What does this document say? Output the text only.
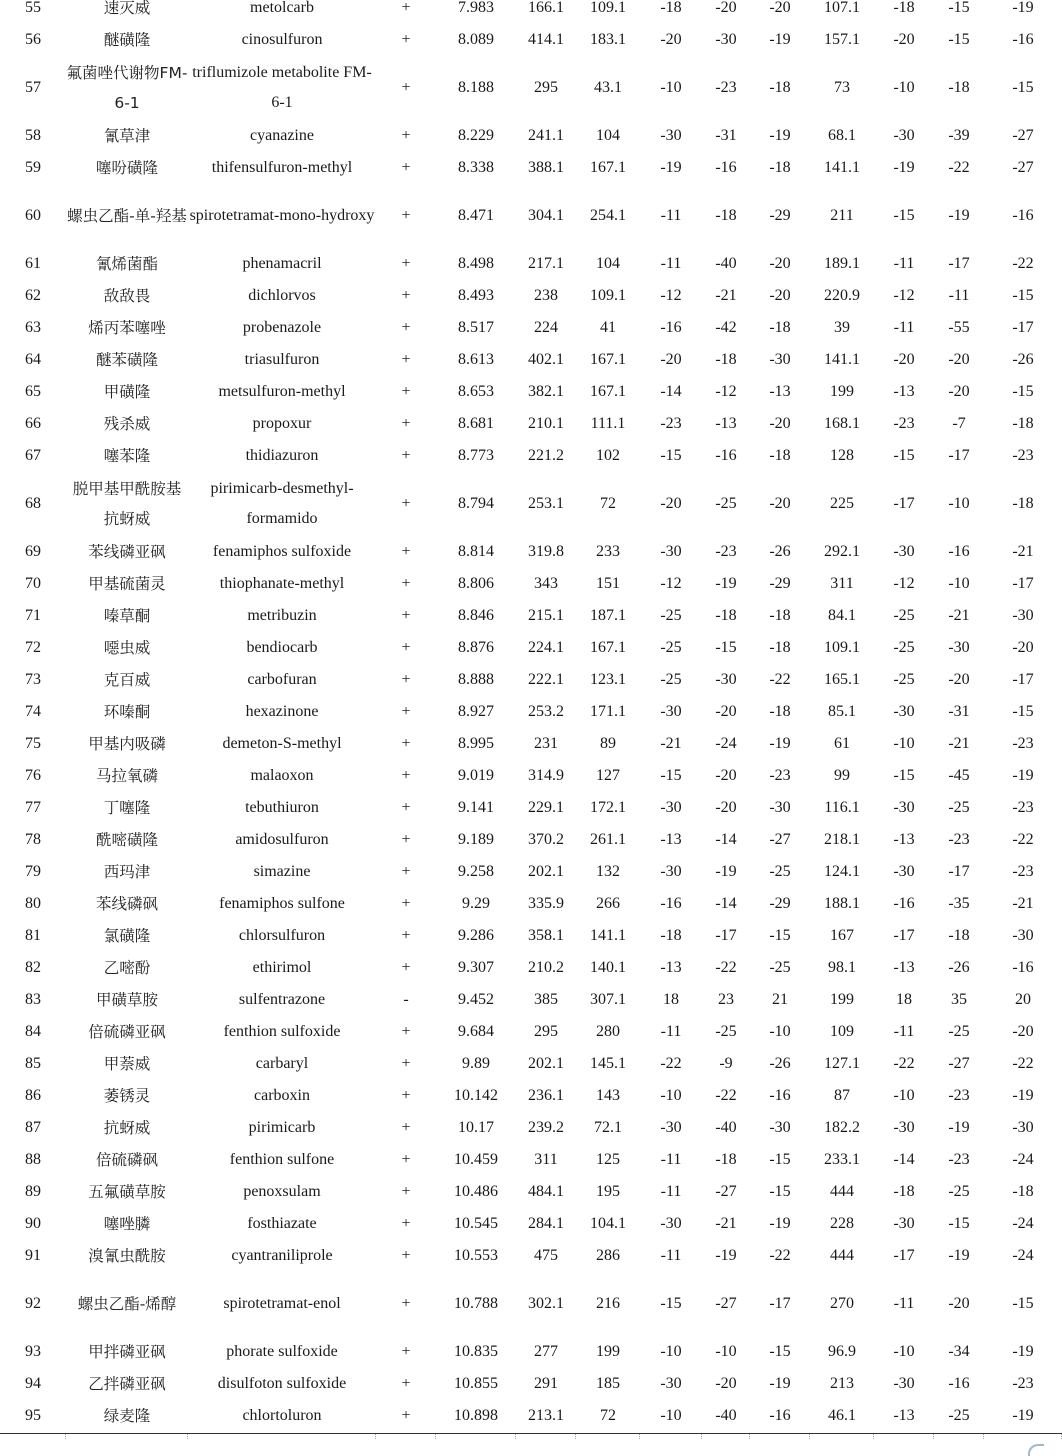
55	速灭威	metolcarb	+	7.983	166.1	109.1	-18	-20	-20	107.1	-18	-15	-19
56	醚磺隆	cinosulfuron	+	8.089	414.1	183.1	-20	-30	-19	157.1	-20	-15	-16
57	氟菌唑代谢物FM-6-1	triflumizole metabolite FM-6-1	+	8.188	295	43.1	-10	-23	-18	73	-10	-18	-15
58	氰草津	cyanazine	+	8.229	241.1	104	-30	-31	-19	68.1	-30	-39	-27
59	噻吩磺隆	thifensulfuron-methyl	+	8.338	388.1	167.1	-19	-16	-18	141.1	-19	-22	-27
60	螺虫乙酯-单-羟基	spirotetramat-mono-hydroxy	+	8.471	304.1	254.1	-11	-18	-29	211	-15	-19	-16
61	氰烯菌酯	phenamacril	+	8.498	217.1	104	-11	-40	-20	189.1	-11	-17	-22
62	敌敌畏	dichlorvos	+	8.493	238	109.1	-12	-21	-20	220.9	-12	-11	-15
63	烯丙苯噻唑	probenazole	+	8.517	224	41	-16	-42	-18	39	-11	-55	-17
64	醚苯磺隆	triasulfuron	+	8.613	402.1	167.1	-20	-18	-30	141.1	-20	-20	-26
65	甲磺隆	metsulfuron-methyl	+	8.653	382.1	167.1	-14	-12	-13	199	-13	-20	-15
66	残杀威	propoxur	+	8.681	210.1	111.1	-23	-13	-20	168.1	-23	-7	-18
67	噻苯隆	thidiazuron	+	8.773	221.2	102	-15	-16	-18	128	-15	-17	-23
68	脱甲基甲酰胺基抗蚜威	pirimicarb-desmethyl-formamido	+	8.794	253.1	72	-20	-25	-20	225	-17	-10	-18
69	苯线磷亚砜	fenamiphos sulfoxide	+	8.814	319.8	233	-30	-23	-26	292.1	-30	-16	-21
70	甲基硫菌灵	thiophanate-methyl	+	8.806	343	151	-12	-19	-29	311	-12	-10	-17
71	嗪草酮	metribuzin	+	8.846	215.1	187.1	-25	-18	-18	84.1	-25	-21	-30
72	噁虫威	bendiocarb	+	8.876	224.1	167.1	-25	-15	-18	109.1	-25	-30	-20
73	克百威	carbofuran	+	8.888	222.1	123.1	-25	-30	-22	165.1	-25	-20	-17
74	环嗪酮	hexazinone	+	8.927	253.2	171.1	-30	-20	-18	85.1	-30	-31	-15
75	甲基内吸磷	demeton-S-methyl	+	8.995	231	89	-21	-24	-19	61	-10	-21	-23
76	马拉氧磷	malaoxon	+	9.019	314.9	127	-15	-20	-23	99	-15	-45	-19
77	丁噻隆	tebuthiuron	+	9.141	229.1	172.1	-30	-20	-30	116.1	-30	-25	-23
78	酰嘧磺隆	amidosulfuron	+	9.189	370.2	261.1	-13	-14	-27	218.1	-13	-23	-22
79	西玛津	simazine	+	9.258	202.1	132	-30	-19	-25	124.1	-30	-17	-23
80	苯线磷砜	fenamiphos sulfone	+	9.29	335.9	266	-16	-14	-29	188.1	-16	-35	-21
81	氯磺隆	chlorsulfuron	+	9.286	358.1	141.1	-18	-17	-15	167	-17	-18	-30
82	乙嘧酚	ethirimol	+	9.307	210.2	140.1	-13	-22	-25	98.1	-13	-26	-16
83	甲磺草胺	sulfentrazone	-	9.452	385	307.1	18	23	21	199	18	35	20
84	倍硫磷亚砜	fenthion sulfoxide	+	9.684	295	280	-11	-25	-10	109	-11	-25	-20
85	甲萘威	carbaryl	+	9.89	202.1	145.1	-22	-9	-26	127.1	-22	-27	-22
86	萎锈灵	carboxin	+	10.142	236.1	143	-10	-22	-16	87	-10	-23	-19
87	抗蚜威	pirimicarb	+	10.17	239.2	72.1	-30	-40	-30	182.2	-30	-19	-30
88	倍硫磷砜	fenthion sulfone	+	10.459	311	125	-11	-18	-15	233.1	-14	-23	-24
89	五氟磺草胺	penoxsulam	+	10.486	484.1	195	-11	-27	-15	444	-18	-25	-18
90	噻唑膦	fosthiazate	+	10.545	284.1	104.1	-30	-21	-19	228	-30	-15	-24
91	溴氰虫酰胺	cyantraniliprole	+	10.553	475	286	-11	-19	-22	444	-17	-19	-24
92	螺虫乙酯-烯醇	spirotetramat-enol	+	10.788	302.1	216	-15	-27	-17	270	-11	-20	-15
93	甲拌磷亚砜	phorate sulfoxide	+	10.835	277	199	-10	-10	-15	96.9	-10	-34	-19
94	乙拌磷亚砜	disulfoton sulfoxide	+	10.855	291	185	-30	-20	-19	213	-30	-16	-23
95	绿麦隆	chlortoluron	+	10.898	213.1	72	-10	-40	-16	46.1	-13	-25	-19
